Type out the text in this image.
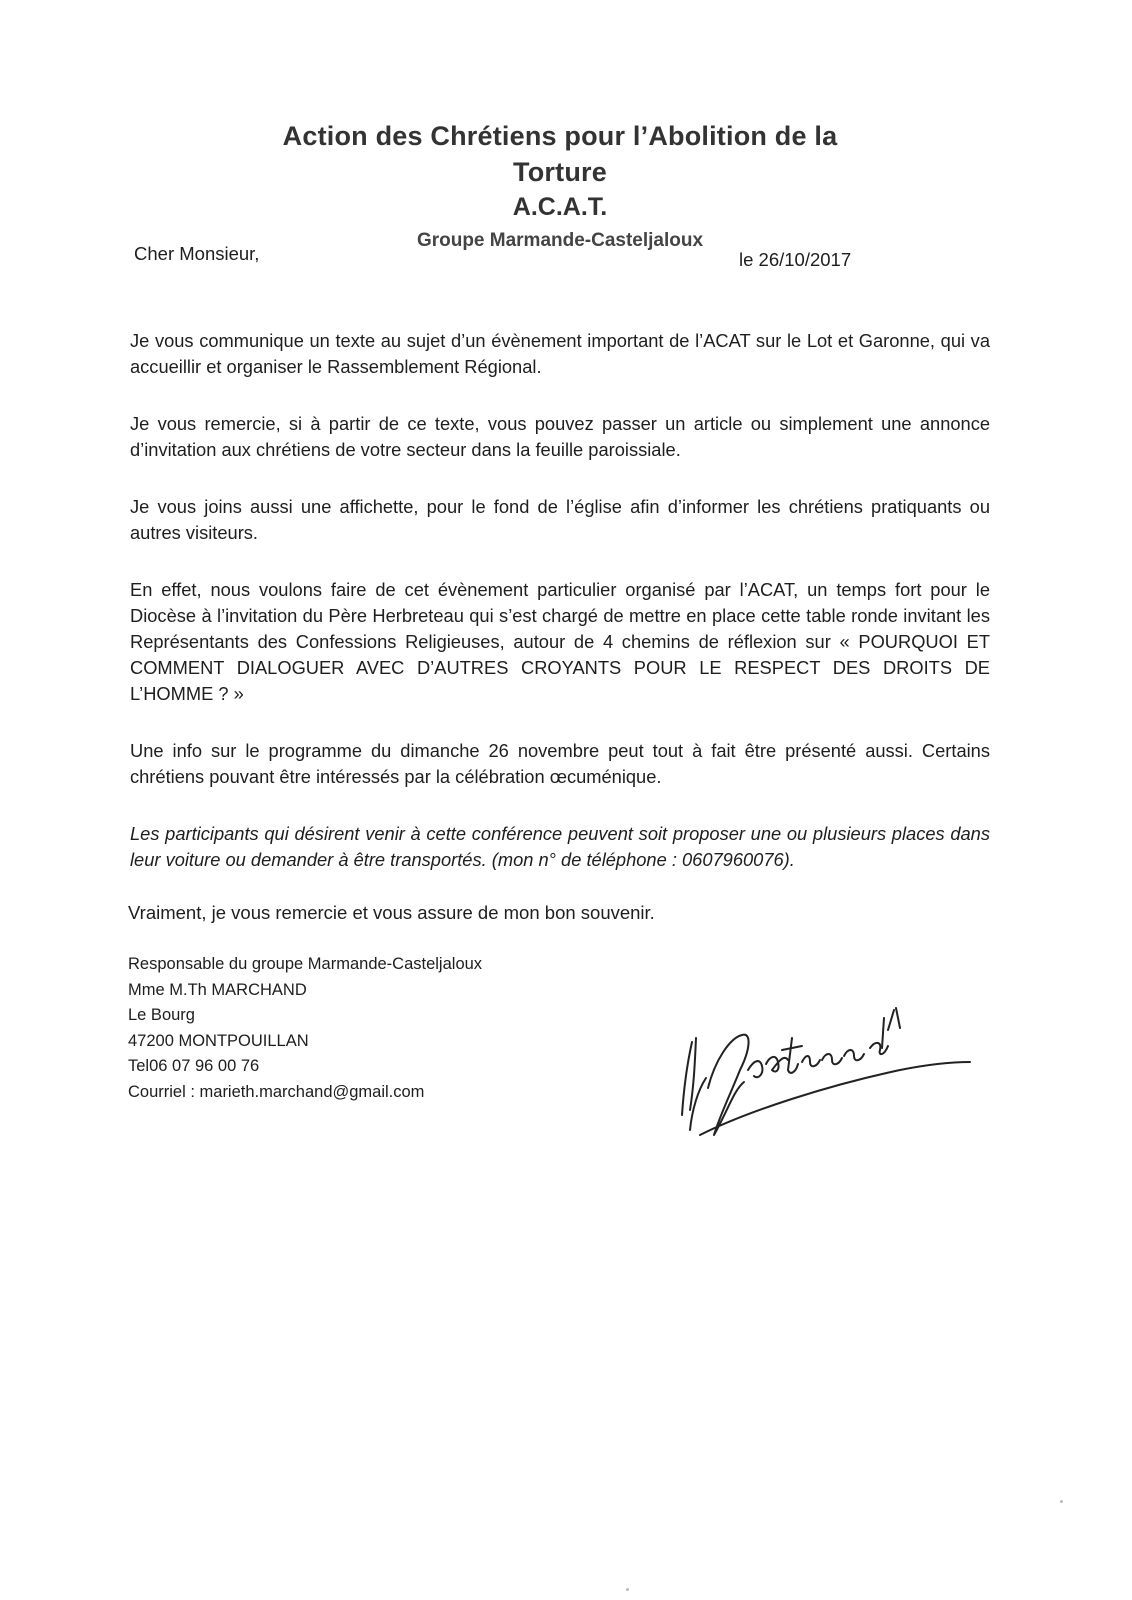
Action des Chrétiens pour l’Abolition de la Torture
A.C.A.T.
Groupe Marmande-Casteljaloux
Cher Monsieur,	le 26/10/2017

Je vous communique un texte au sujet d’un évènement important de l’ACAT sur le Lot et Garonne, qui va accueillir et organiser le Rassemblement Régional.

Je vous remercie, si à partir de ce texte, vous pouvez passer un article ou simplement une annonce d’invitation aux chrétiens de votre secteur dans la feuille paroissiale.

Je vous joins aussi une affichette, pour le fond de l’église afin d’informer les chrétiens pratiquants ou autres visiteurs.

En effet, nous voulons faire de cet évènement particulier organisé par l’ACAT, un temps fort pour le Diocèse à l’invitation du Père Herbreteau qui s’est chargé de mettre en place cette table ronde invitant les Représentants des Confessions Religieuses, autour de 4 chemins de réflexion sur « POURQUOI ET COMMENT DIALOGUER AVEC D’AUTRES CROYANTS POUR LE RESPECT DES DROITS DE L’HOMME ? »

Une info sur le programme du dimanche 26 novembre peut tout à fait être présenté aussi. Certains chrétiens pouvant être intéressés par la célébration œcuménique.

Les participants qui désirent venir à cette conférence peuvent soit proposer une ou plusieurs places dans leur voiture ou demander à être transportés. (mon n° de téléphone : 0607960076).

Vraiment, je vous remercie et vous assure de mon bon souvenir.
Responsable du groupe Marmande-Casteljaloux
Mme M.Th MARCHAND
Le Bourg
47200 MONTPOUILLAN
Tel06 07 96 00 76
Courriel : marieth.marchand@gmail.com
